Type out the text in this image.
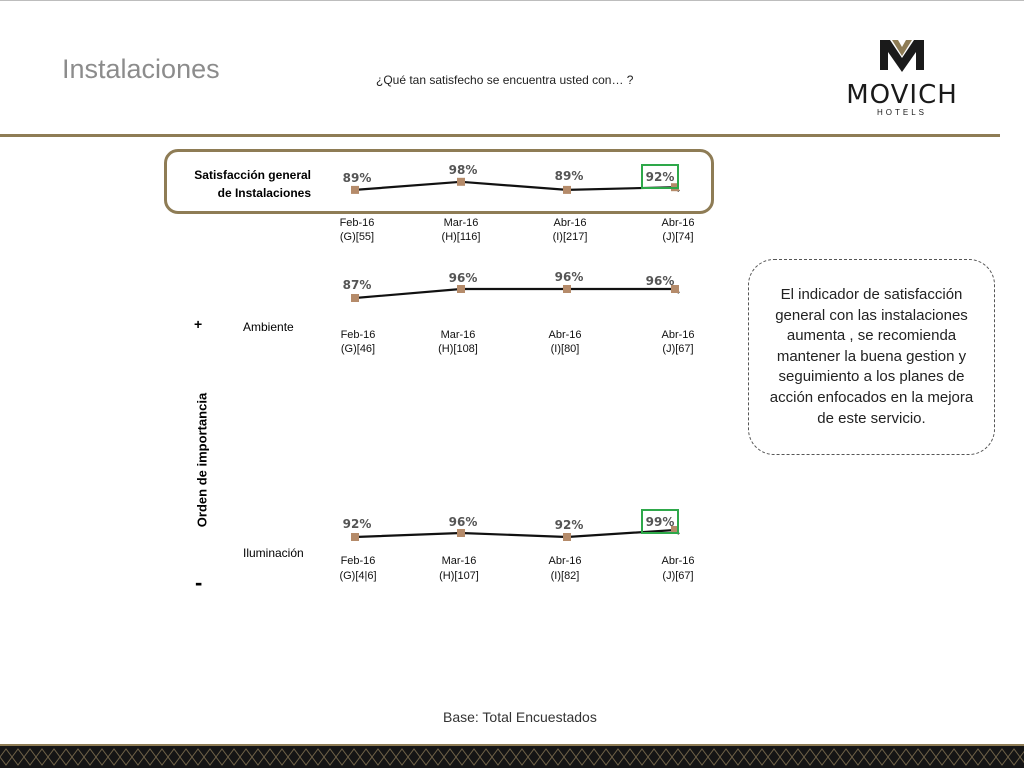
Instalaciones	¿Qué tan satisfecho se encuentra usted con… ?	MOVICH
HOTELS
Satisfacción general
de Instalaciones
Ambiente
Iluminación
+
-
Orden de importancia
89%
Feb-16
(G)[55]
98%
Mar-16
(H)[116]
89%
Abr-16
(I)[217]
92%
Abr-16
(J)[74]
87%
Feb-16
(G)[46]
96%
Mar-16
(H)[108]
96%
Abr-16
(I)[80]
96%
Abr-16
(J)[67]
92%
Feb-16
(G)[4|6]
96%
Mar-16
(H)[107]
92%
Abr-16
(I)[82]
99%
Abr-16
(J)[67]
El indicador de satisfacción general con las instalaciones aumenta , se recomienda mantener la buena gestion y seguimiento a los planes de acción enfocados en la mejora de este servicio.
Base: Total Encuestados
